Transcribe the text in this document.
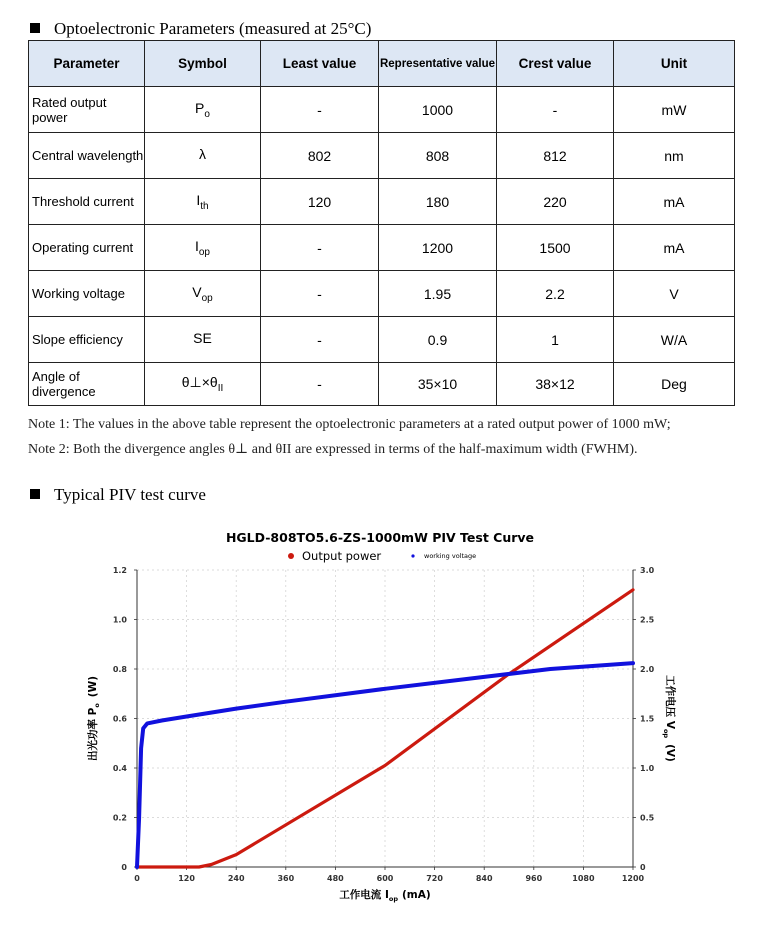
Optoelectronic Parameters (measured at 25°C)
Parameter	Symbol	Least value	Representative value	Crest value	Unit
Rated output power	$P_o$	-	1000	-	mW
Central wavelength	λ	802	808	812	nm
Threshold current	$I_{th}$	120	180	220	mA
Operating current	$I_{op}$	-	1200	1500	mA
Working voltage	$V_{op}$	-	1.95	2.2	V
Slope efficiency	SE	-	0.9	1	W/A
Angle of divergence	$\theta\perp\times\theta_{II}$	-	35×10	38×12	Deg
Note 1: The values in the above table represent the optoelectronic parameters at a rated output power of 1000 mW;
Note 2: Both the divergence angles θ⊥ and θII are expressed in terms of the half-maximum width (FWHM).
Typical PIV test curve
HGLD-808TO5.6-ZS-1000mW PIV Test Curve
Output power	working voltage
0	120	240	360	480	600	720	840	960	1080	1200
0
0.2
0.4
0.6
0.8
1.0
1.2
0
0.5
1.0
1.5
2.0
2.5
3.0
工作电流 $I_{op}$ (mA)
出光功率 $P_o(W)$	工作电压 $V_{op}(V)$
